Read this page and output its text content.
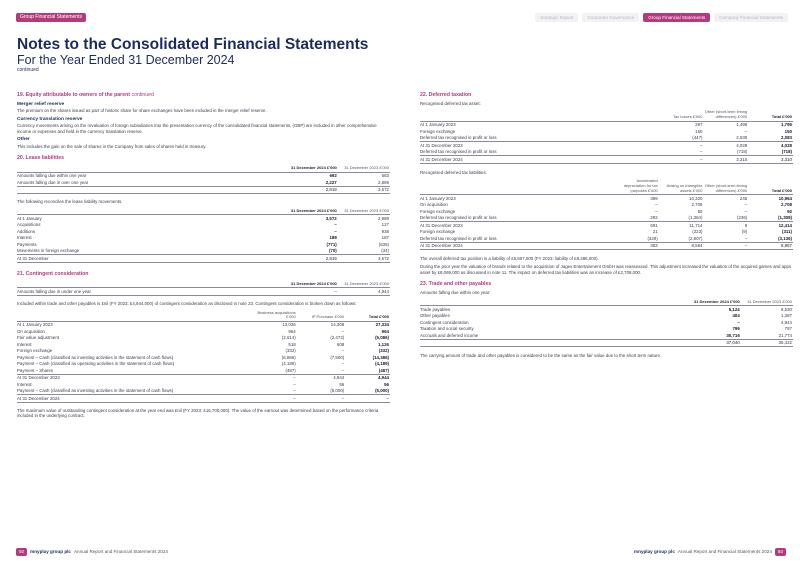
Group Financial Statements	Strategic Report	Corporate Governance	Group Financial Statements	Company Financial Statements
Notes to the Consolidated Financial Statements
For the Year Ended 31 December 2024
continued
19. Equity attributable to owners of the parent continued
Merger relief reserve

The premium on the shares issued as part of historic share for share exchanges have been included in the merger relief reserve.

Currency translation reserve

Currency movements arising on the revaluation of foreign subsidiaries into the presentation currency of the consolidated financial statements, (GBP) are included in other comprehensive income or expenses and held in the currency translation reserve.

Other

This includes the gain on the sale of shares in the Company from sales of shares held in treasury.

20. Lease liabilities
	31 December 2024 £'000	31 December 2023 £'000
Amounts falling due within one year	692	683
Amounts falling due in over one year	2,227	2,889
	2,919	3,572

The following reconciles the lease liability movements.

	31 December 2024 £'000	31 December 2023 £'000
At 1 January	3,572	2,989
Acquisitions	–	127
Additions	–	938
Interest	188	187
Payments	(771)	(635)
Movements in foreign exchange	(70)	(34)
At 31 December	2,919	3,572
21. Contingent consideration
	31 December 2024 £'000	31 December 2023 £'000
Amounts falling due in under one year	–	4,944

Included within trade and other payables is £nil (FY 2023: £4,944,000) of contingent consideration as disclosed in note 23. Contingent consideration is broken down as follows:

	Business acquisitions £'000	IP Purchase £'000	Total £'000
At 1 January 2023	13,026	14,308	27,334
On acquisition	964	–	964
Fair value adjustment	(2,614)	(2,472)	(5,086)
Interest	518	608	1,126
Foreign exchange	(332)	–	(332)
Payment – Cash (classified as investing activities in the statement of cash flows)	(6,886)	(7,500)	(14,386)
Payment – Cash (classified as operating activities in the statement of cash flows)	(4,189)	–	(4,189)
Payment – Shares	(487)	–	(487)
At 31 December 2023	–	4,944	4,944
Interest	–	56	56
Payment – Cash (classified as investing activities in the statement of cash flows)	–	(5,000)	(5,000)
At 31 December 2024	–	–	–

The maximum value of outstanding contingent consideration at the year end was £nil (FY 2023: £16,700,000). The value of the earnout was determined based on the performance criteria included in the underlying contract.

22. Deferred taxation

Recognised deferred tax asset:

	Tax losses £'000	Other (short-term timing differences) £'000	Total £'000
At 1 January 2023	297	1,498	1,795
Foreign exchange	150	–	150
Deferred tax recognised in profit or loss	(447)	2,530	2,083
At 31 December 2023	–	4,028	4,028
Deferred tax recognised in profit or loss	–	(718)	(718)
At 31 December 2024	–	3,310	3,310

Recognised deferred tax liabilities:

	Accelerated depreciation for tax purposes £'000	Arising on intangible assets £'000	Other (short-term timing differences) £'000	Total £'000
At 1 January 2023	399	10,320	245	10,964
On acquisition	–	2,708	–	2,708
Foreign exchange	–	50	–	50
Deferred tax recognised in profit or loss	292	(1,364)	(236)	(1,308)
At 31 December 2023	691	11,714	9	12,414
Foreign exchange	21	(323)	(9)	(311)
Deferred tax recognised in profit or loss	(329)	(2,807)	–	(3,136)
At 31 December 2024	383	8,584	–	8,967

The overall deferred tax position is a liability of £5,657,000 (FY 2023: liability of £8,386,000).

During the prior year the valuation of brands related to the acquisition of Jagex Entertainment GmbH was reassessed. This adjustment increased the valuation of the acquired games and apps asset by £8,069,000 as discussed in note 11. The impact on deferred tax liabilities was an increase of £2,708,000.

23. Trade and other payables

Amounts falling due within one year:

	31 December 2024 £'000	31 December 2023 £'000
Trade payables	5,124	8,530
Other payables	404	1,387
Contingent consideration	–	4,944
Taxation and social security	796	787
Accruals and deferred income	30,716	21,774
	37,040	35,422

The carrying amount of trade and other payables is considered to be the same as the fair value due to the short term nature.

92	mnyplay group plc Annual Report and Financial Statements 2024	mnyplay group plc Annual Report and Financial Statements 2024	93
